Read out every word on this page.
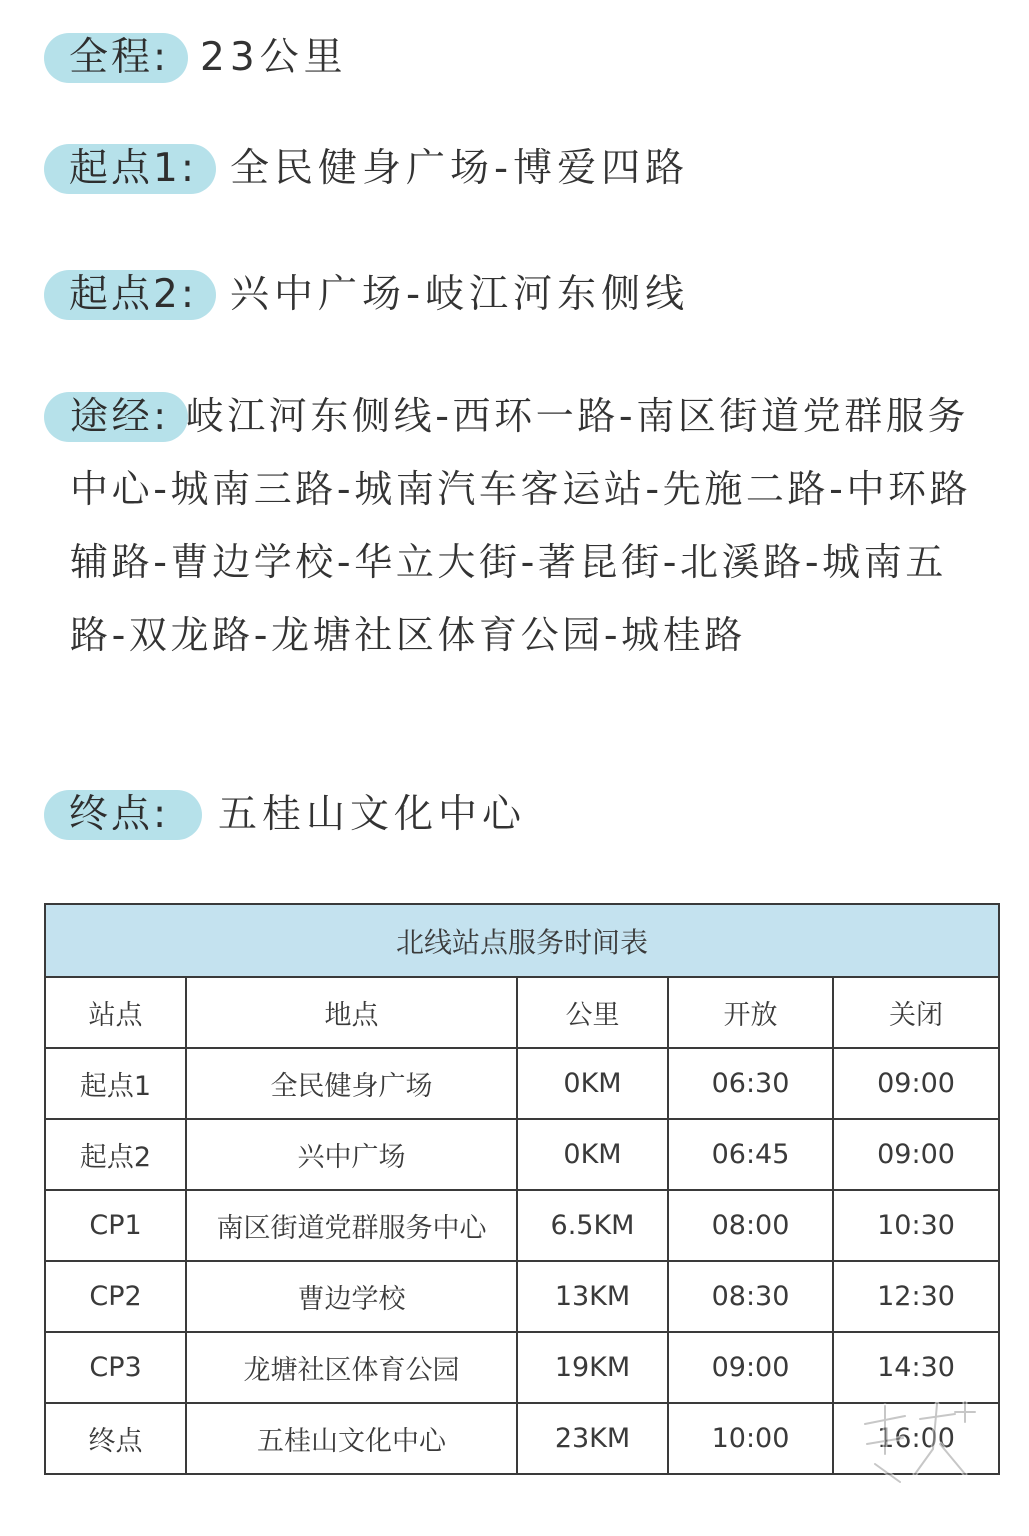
全程: 23公里
起点1: 全民健身广场-博爱四路
起点2: 兴中广场-岐江河东侧线
途经: 岐江河东侧线-西环一路-南区街道党群服务中心-城南三路-城南汽车客运站-先施二路-中环路辅路-曹边学校-华立大街-著昆街-北溪路-城南五路-双龙路-龙塘社区体育公园-城桂路
终点:	五桂山文化中心
北线站点服务时间表				
站点	地点	公里	开放	关闭
起点1	全民健身广场	0KM	06:30	09:00
起点2	兴中广场	0KM	06:45	09:00
CP1	南区街道党群服务中心	6.5KM	08:00	10:30
CP2	曹边学校	13KM	08:30	12:30
CP3	龙塘社区体育公园	19KM	09:00	14:30
终点	五桂山文化中心	23KM	10:00	16:00
